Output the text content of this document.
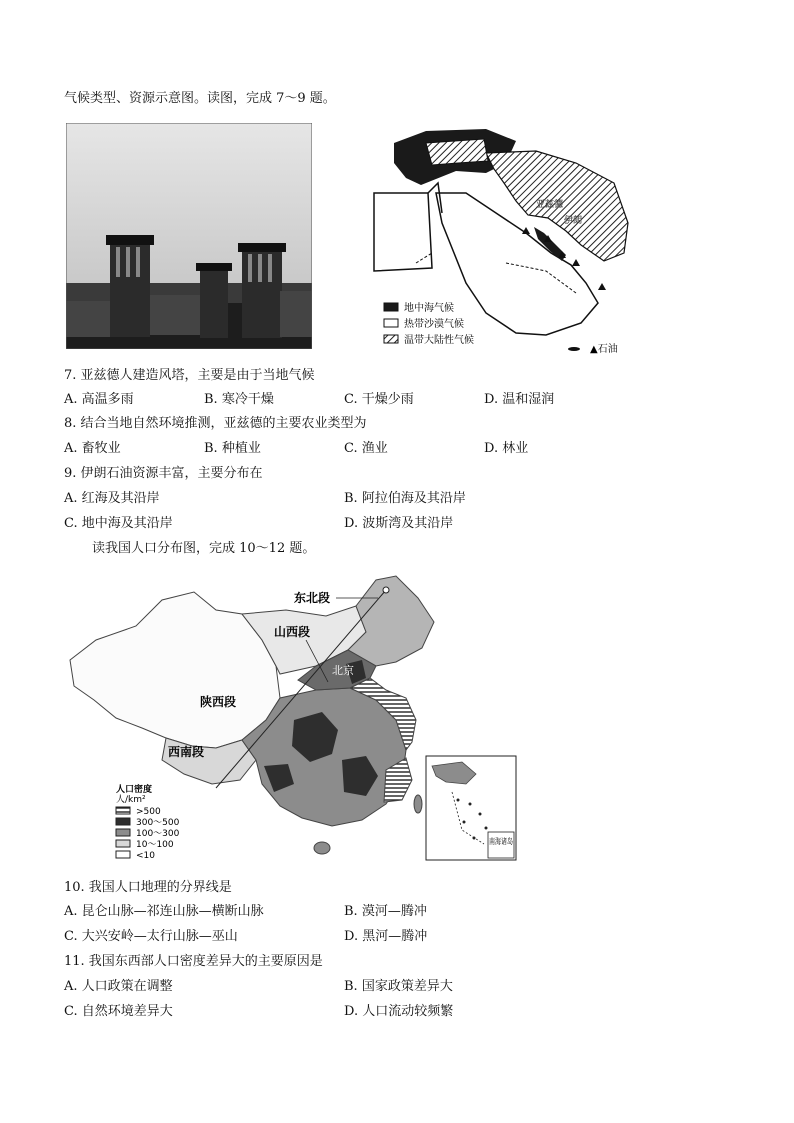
气候类型、资源示意图。读图，完成 7～9 题。
亚兹德
伊朗
地中海气候
热带沙漠气候
温带大陆性气候
▲石油
7. 亚兹德人建造风塔，主要是由于当地气候
A. 高温多雨	B. 寒冷干燥	C. 干燥少雨	D. 温和湿润
8. 结合当地自然环境推测，亚兹德的主要农业类型为
A. 畜牧业	B. 种植业	C. 渔业	D. 林业
9. 伊朗石油资源丰富，主要分布在
A. 红海及其沿岸	B. 阿拉伯海及其沿岸
C. 地中海及其沿岸	D. 波斯湾及其沿岸
读我国人口分布图，完成 10～12 题。
东北段
山西段
陕西段
西南段
北京
人口密度
人/km²
>500
300～500
100～300
10～100
<10
南海诸岛
10. 我国人口地理的分界线是
A. 昆仑山脉—祁连山脉—横断山脉	B. 漠河—腾冲
C. 大兴安岭—太行山脉—巫山	D. 黑河—腾冲
11. 我国东西部人口密度差异大的主要原因是
A. 人口政策在调整	B. 国家政策差异大
C. 自然环境差异大	D. 人口流动较频繁
